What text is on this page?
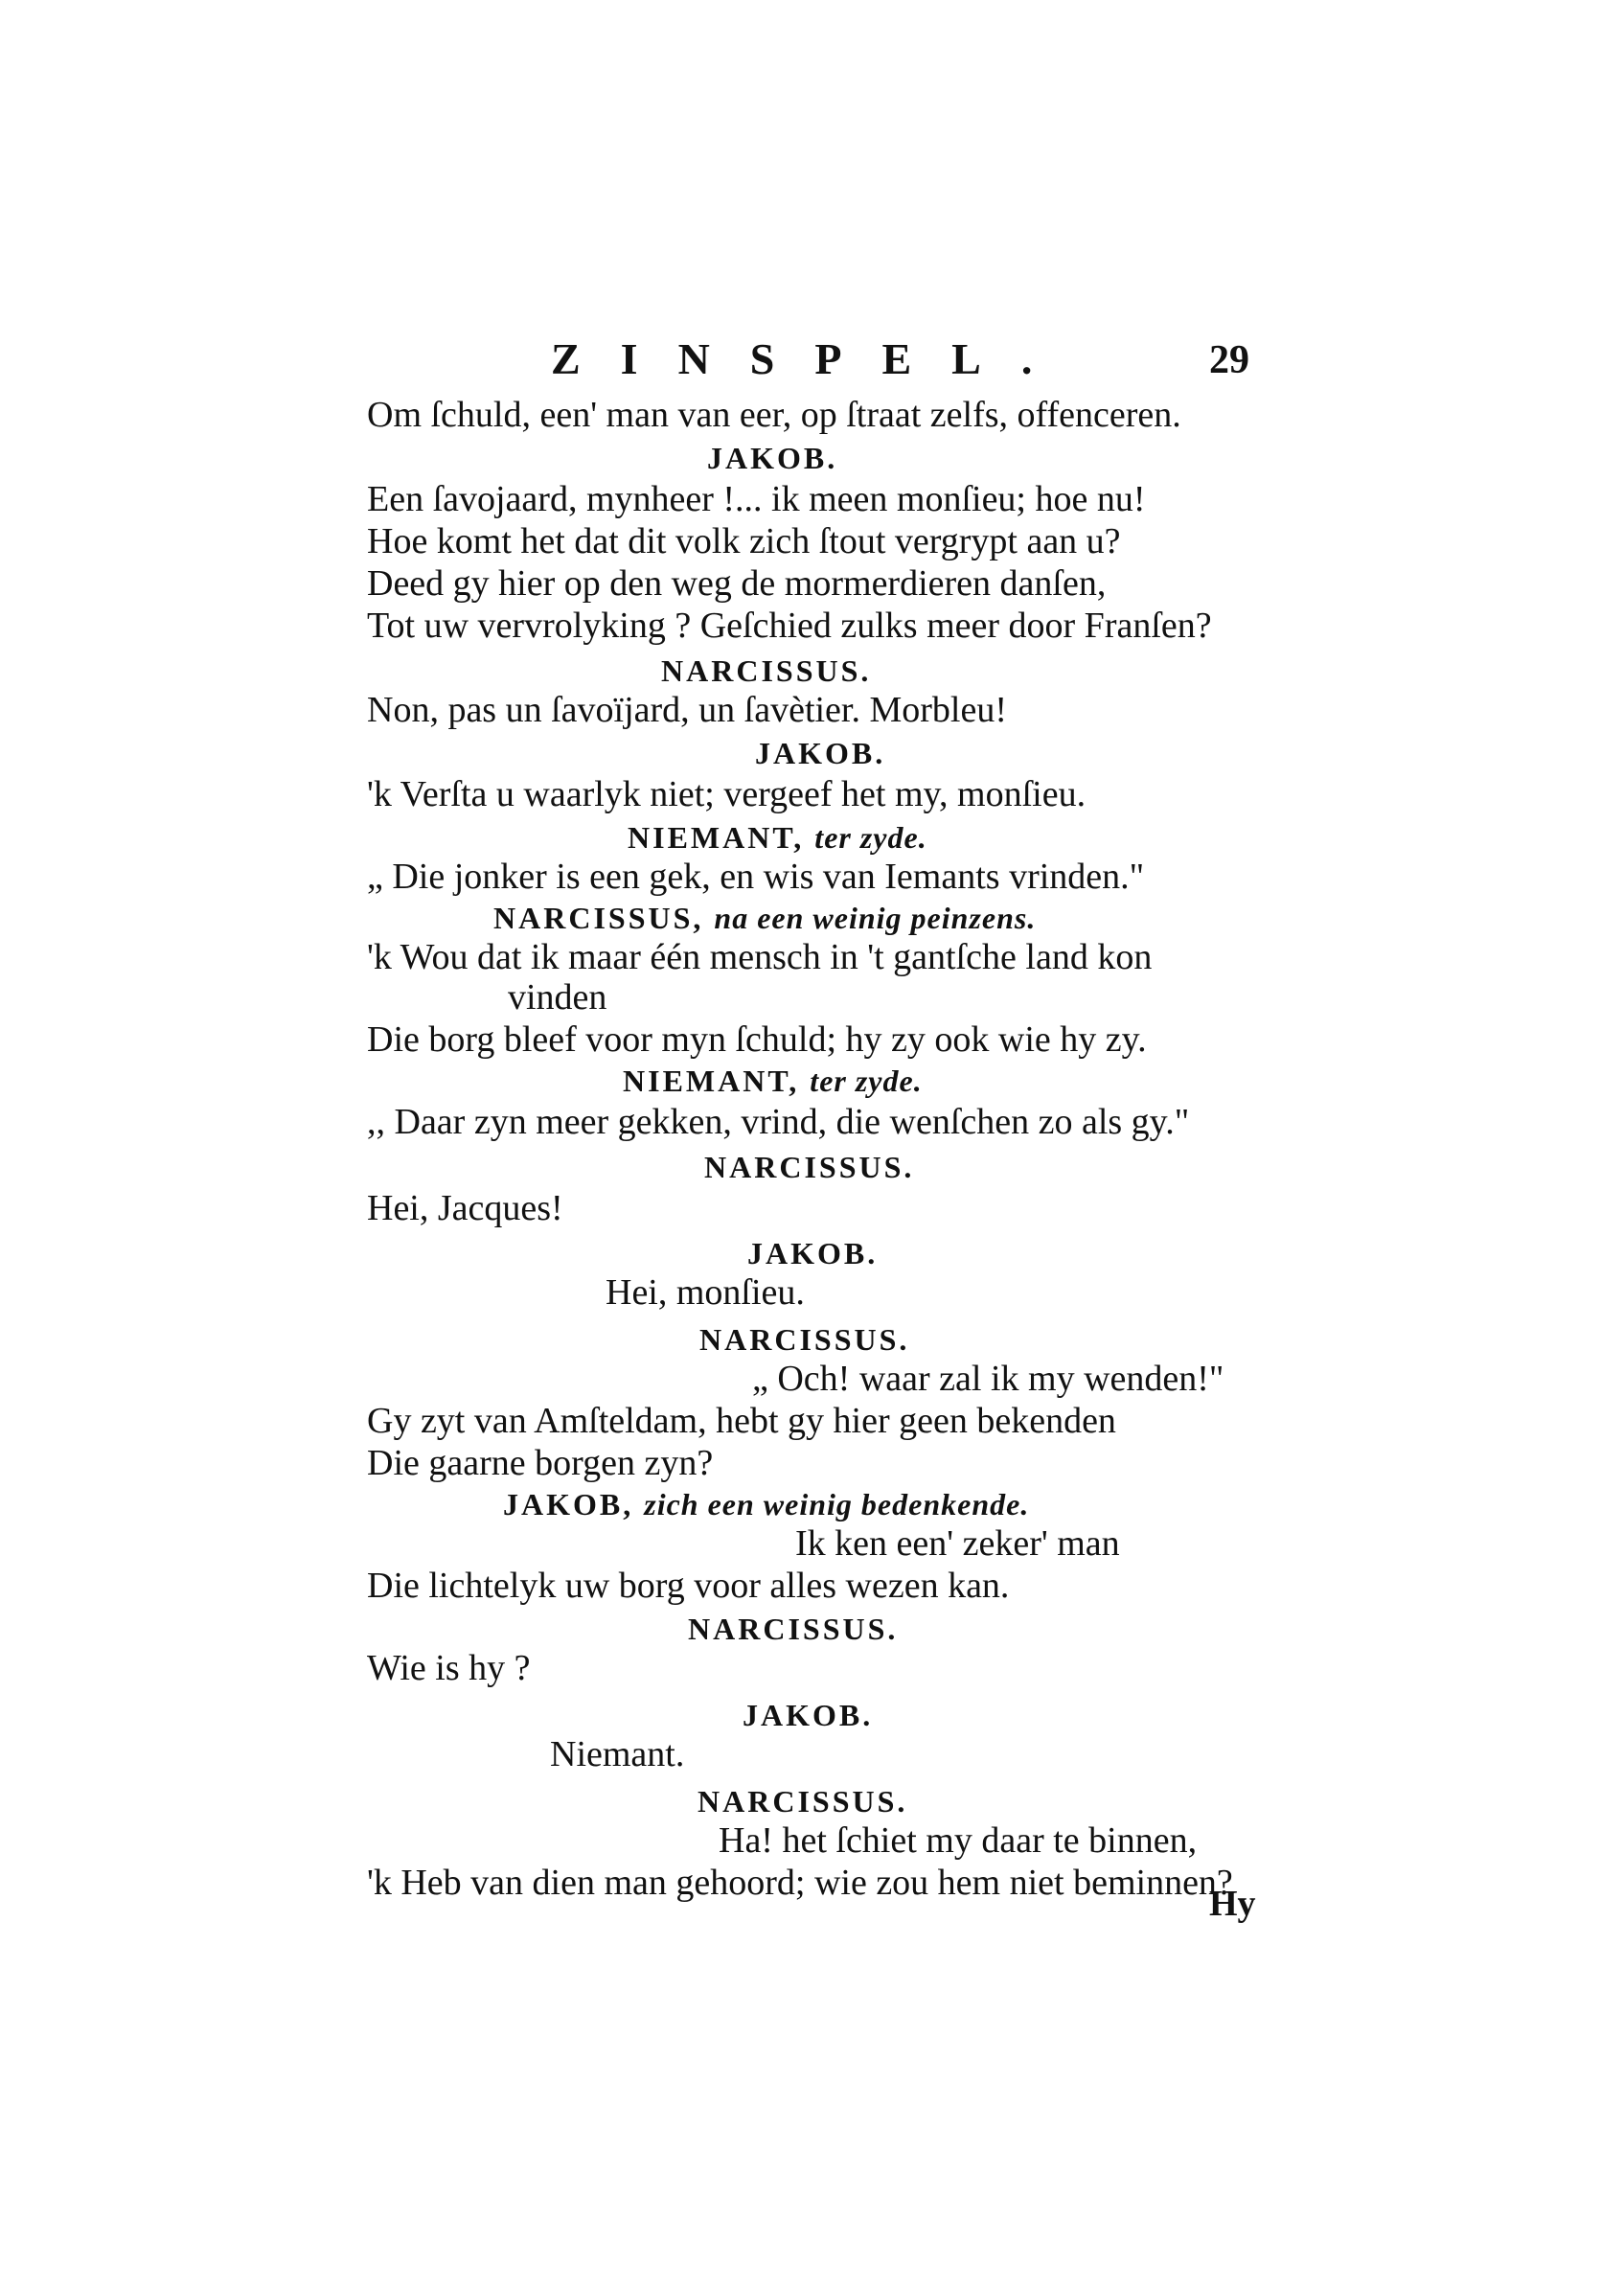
ZINSPEL.	29
Om ſchuld, een' man van eer, op ſtraat zelfs, offenceren.
JAKOB.
Een ſavojaard, mynheer !... ik meen monſieu; hoe nu!
Hoe komt het dat dit volk zich ſtout vergrypt aan u?
Deed gy hier op den weg de mormerdieren danſen,
Tot uw vervrolyking ? Geſchied zulks meer door Franſen?
NARCISSUS.
Non, pas un ſavoïjard, un ſavètier. Morbleu!
JAKOB.
'k Verſta u waarlyk niet; vergeef het my, monſieu.
NIEMANT, ter zyde.
„ Die jonker is een gek, en wis van Iemants vrinden."
NARCISSUS, na een weinig peinzens.
'k Wou dat ik maar één mensch in 't gantſche land kon
vinden
Die borg bleef voor myn ſchuld; hy zy ook wie hy zy.
NIEMANT, ter zyde.
,, Daar zyn meer gekken, vrind, die wenſchen zo als gy."
NARCISSUS.
Hei, Jacques!
JAKOB.
Hei, monſieu.
NARCISSUS.
„ Och! waar zal ik my wenden!"
Gy zyt van Amſteldam, hebt gy hier geen bekenden
Die gaarne borgen zyn?
JAKOB, zich een weinig bedenkende.
Ik ken een' zeker' man
Die lichtelyk uw borg voor alles wezen kan.
NARCISSUS.
Wie is hy ?
JAKOB.
Niemant.
NARCISSUS.
Ha! het ſchiet my daar te binnen,
'k Heb van dien man gehoord; wie zou hem niet beminnen?
Hy
